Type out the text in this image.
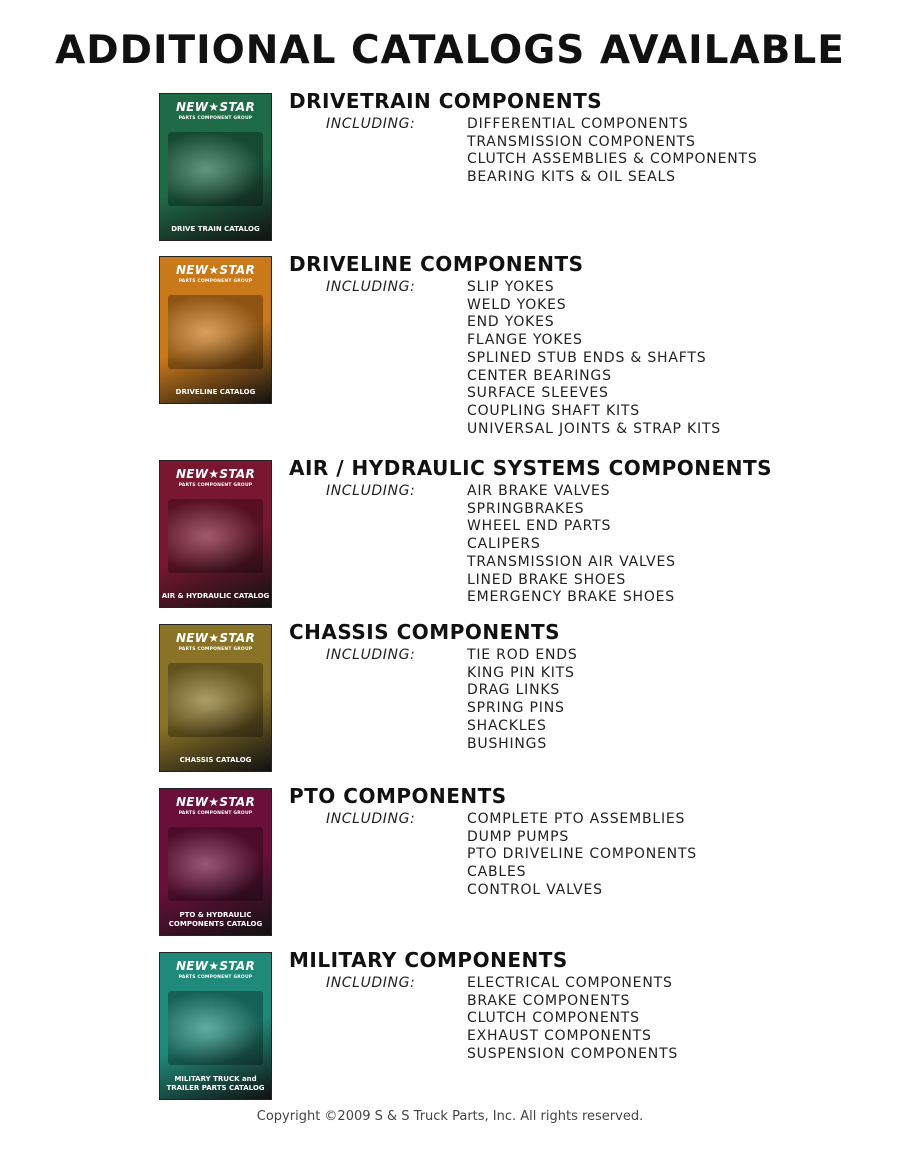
ADDITIONAL CATALOGS AVAILABLE
NEW★STAR
PARTS COMPONENT GROUP
DRIVE TRAIN CATALOG
DRIVETRAIN COMPONENTS
INCLUDING:	DIFFERENTIAL COMPONENTS
TRANSMISSION COMPONENTS
CLUTCH ASSEMBLIES & COMPONENTS
BEARING KITS & OIL SEALS
NEW★STAR
PARTS COMPONENT GROUP
DRIVELINE CATALOG
DRIVELINE COMPONENTS
INCLUDING:	SLIP YOKES
WELD YOKES
END YOKES
FLANGE YOKES
SPLINED STUB ENDS & SHAFTS
CENTER BEARINGS
SURFACE SLEEVES
COUPLING SHAFT KITS
UNIVERSAL JOINTS & STRAP KITS
NEW★STAR
PARTS COMPONENT GROUP
AIR & HYDRAULIC CATALOG
AIR / HYDRAULIC SYSTEMS COMPONENTS
INCLUDING:	AIR BRAKE VALVES
SPRINGBRAKES
WHEEL END PARTS
CALIPERS
TRANSMISSION AIR VALVES
LINED BRAKE SHOES
EMERGENCY BRAKE SHOES
NEW★STAR
PARTS COMPONENT GROUP
CHASSIS CATALOG
CHASSIS COMPONENTS
INCLUDING:	TIE ROD ENDS
KING PIN KITS
DRAG LINKS
SPRING PINS
SHACKLES
BUSHINGS
NEW★STAR
PARTS COMPONENT GROUP
PTO & HYDRAULIC COMPONENTS CATALOG
PTO COMPONENTS
INCLUDING:	COMPLETE PTO ASSEMBLIES
DUMP PUMPS
PTO DRIVELINE COMPONENTS
CABLES
CONTROL VALVES
NEW★STAR
PARTS COMPONENT GROUP
MILITARY TRUCK and TRAILER PARTS CATALOG
MILITARY COMPONENTS
INCLUDING:	ELECTRICAL COMPONENTS
BRAKE COMPONENTS
CLUTCH COMPONENTS
EXHAUST COMPONENTS
SUSPENSION COMPONENTS
Copyright ©2009 S & S Truck Parts, Inc. All rights reserved.
